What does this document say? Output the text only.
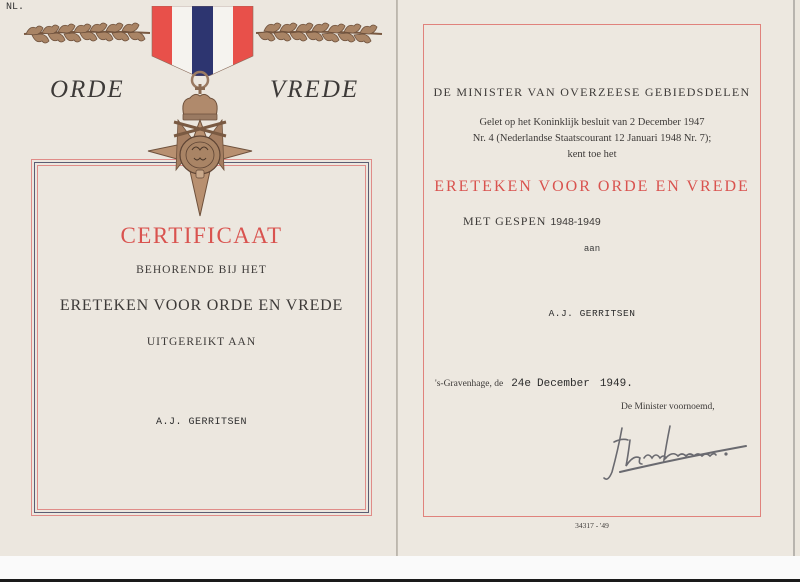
NL.
ORDE	VREDE
CERTIFICAAT
BEHORENDE BIJ HET
ERETEKEN VOOR ORDE EN VREDE
UITGEREIKT AAN
A.J. GERRITSEN
DE MINISTER VAN OVERZEESE GEBIEDSDELEN
Gelet op het Koninklijk besluit van 2 December 1947
Nr. 4 (Nederlandse Staatscourant 12 Januari 1948 Nr. 7);
kent toe het
ERETEKEN VOOR ORDE EN VREDE
MET GESPEN 1948-1949
aan
A.J. GERRITSEN
's-Gravenhage, de 24e December 1949.
De Minister voornoemd,
34317 - '49
